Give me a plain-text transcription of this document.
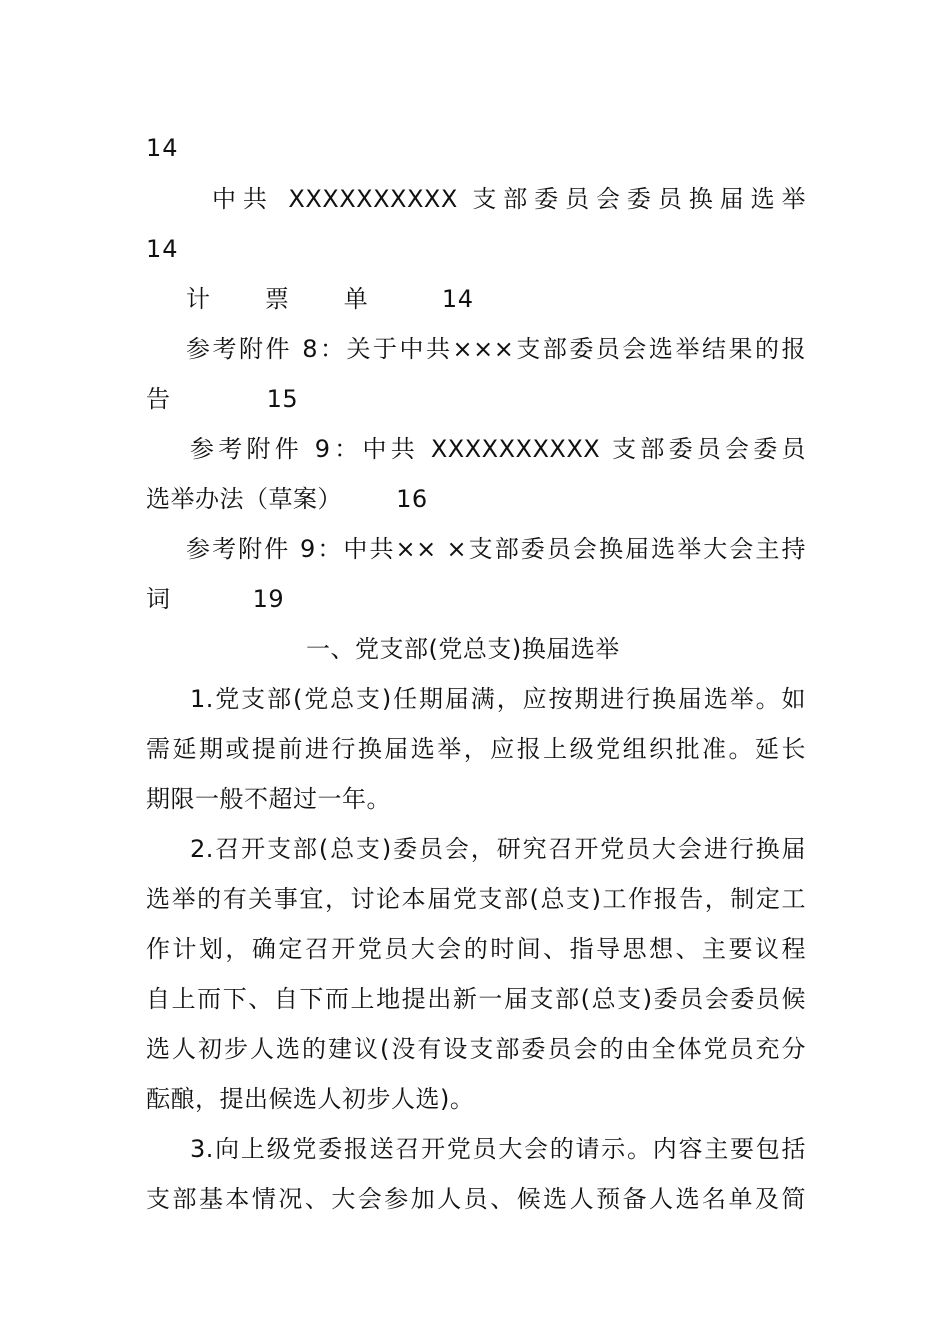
14
中共 XXXXXXXXXX 支部委员会委员换届选举
14
计   票   单	14
参考附件 8：关于中共×××支部委员会选举结果的报
告	15
参考附件 9：中共 XXXXXXXXXX 支部委员会委员
选举办法（草案） 16
参考附件 9：中共×× ×支部委员会换届选举大会主持
词	19
一、党支部(党总支)换届选举
1.党支部(党总支)任期届满，应按期进行换届选举。如
需延期或提前进行换届选举，应报上级党组织批准。延长
期限一般不超过一年。
2.召开支部(总支)委员会，研究召开党员大会进行换届
选举的有关事宜，讨论本届党支部(总支)工作报告，制定工
作计划，确定召开党员大会的时间、指导思想、主要议程
自上而下、自下而上地提出新一届支部(总支)委员会委员候
选人初步人选的建议(没有设支部委员会的由全体党员充分
酝酿，提出候选人初步人选)。
3.向上级党委报送召开党员大会的请示。内容主要包括
支部基本情况、大会参加人员、候选人预备人选名单及简
